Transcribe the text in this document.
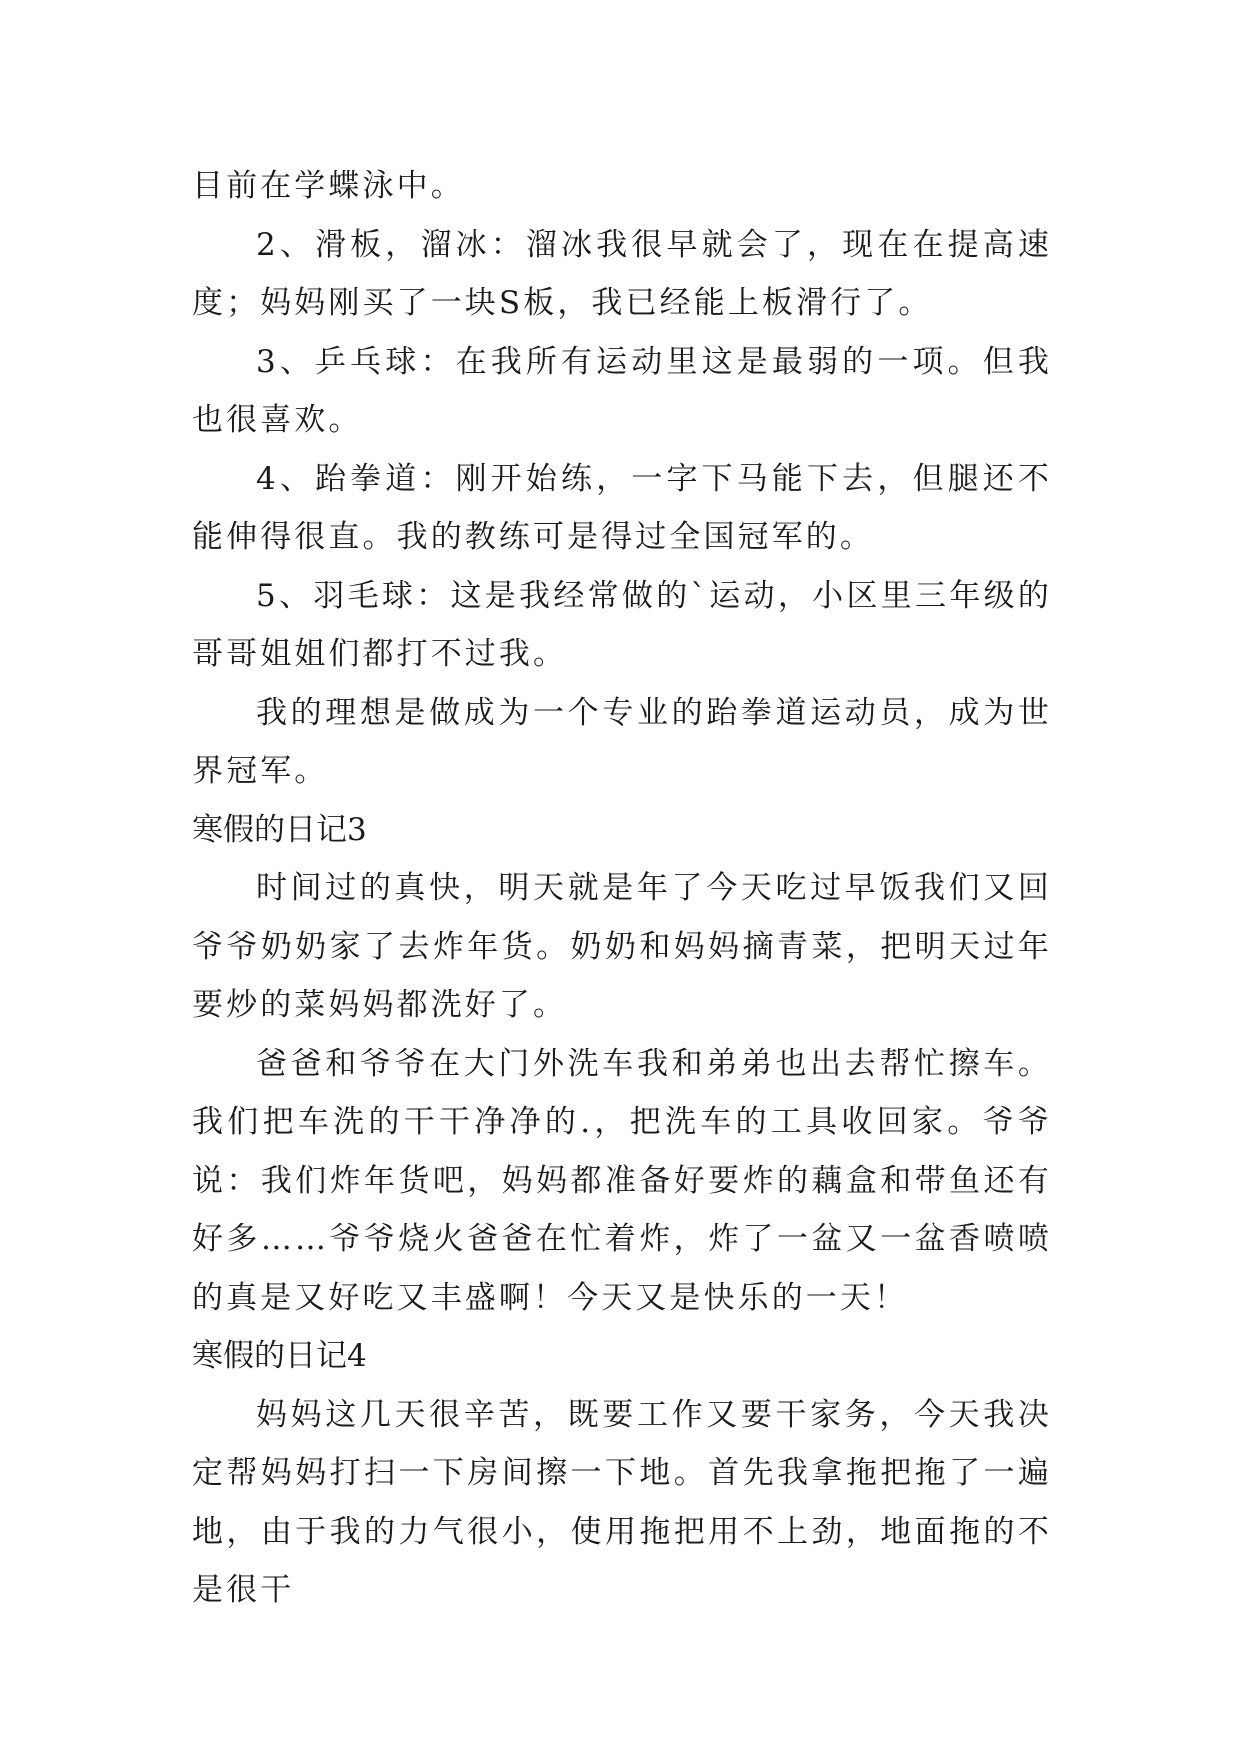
目前在学蝶泳中。

2、滑板，溜冰：溜冰我很早就会了，现在在提高速度；妈妈刚买了一块S板，我已经能上板滑行了。

3、乒乓球：在我所有运动里这是最弱的一项。但我也很喜欢。

4、跆拳道：刚开始练，一字下马能下去，但腿还不能伸得很直。我的教练可是得过全国冠军的。

5、羽毛球：这是我经常做的`运动，小区里三年级的哥哥姐姐们都打不过我。

我的理想是做成为一个专业的跆拳道运动员，成为世界冠军。

寒假的日记3

时间过的真快，明天就是年了今天吃过早饭我们又回爷爷奶奶家了去炸年货。奶奶和妈妈摘青菜，把明天过年要炒的菜妈妈都洗好了。

爸爸和爷爷在大门外洗车我和弟弟也出去帮忙擦车。我们把车洗的干干净净的.，把洗车的工具收回家。爷爷说：我们炸年货吧，妈妈都准备好要炸的藕盒和带鱼还有好多……爷爷烧火爸爸在忙着炸，炸了一盆又一盆香喷喷的真是又好吃又丰盛啊！今天又是快乐的一天！

寒假的日记4

妈妈这几天很辛苦，既要工作又要干家务，今天我决定帮妈妈打扫一下房间擦一下地。首先我拿拖把拖了一遍地，由于我的力气很小，使用拖把用不上劲，地面拖的不是很干
